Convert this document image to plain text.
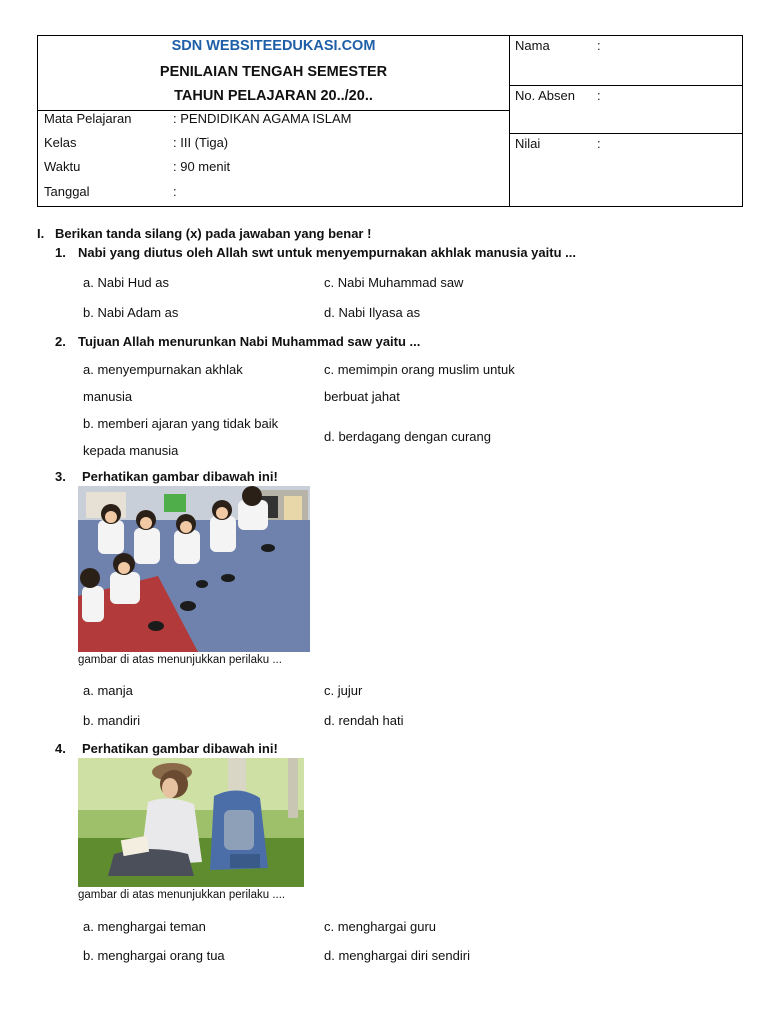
SDN WEBSITEEDUKASI.COM
PENILAIAN TENGAH SEMESTER
TAHUN PELAJARAN 20../20..
Mata Pelajaran	: PENDIDIKAN AGAMA ISLAM
Kelas	: III (Tiga)
Waktu	: 90 menit
Tanggal	:
Nama	:
No. Absen :
Nilai	:
I. Berikan tanda silang (x) pada jawaban yang benar !
1. Nabi yang diutus oleh Allah swt untuk menyempurnakan akhlak manusia yaitu ...
a. Nabi Hud as	c. Nabi Muhammad saw
b. Nabi Adam as	d. Nabi Ilyasa as
2. Tujuan Allah menurunkan Nabi Muhammad saw yaitu ...
a. menyempurnakan akhlak
manusia
c. memimpin orang muslim untuk
berbuat jahat
b. memberi ajaran yang tidak baik
kepada manusia
d. berdagang dengan curang
3. Perhatikan gambar dibawah ini!
gambar di atas menunjukkan perilaku ...
a. manja	c. jujur
b. mandiri	d. rendah hati
4. Perhatikan gambar dibawah ini!
gambar di atas menunjukkan perilaku ....
a. menghargai teman	c. menghargai guru
b. menghargai orang tua	d. menghargai diri sendiri
